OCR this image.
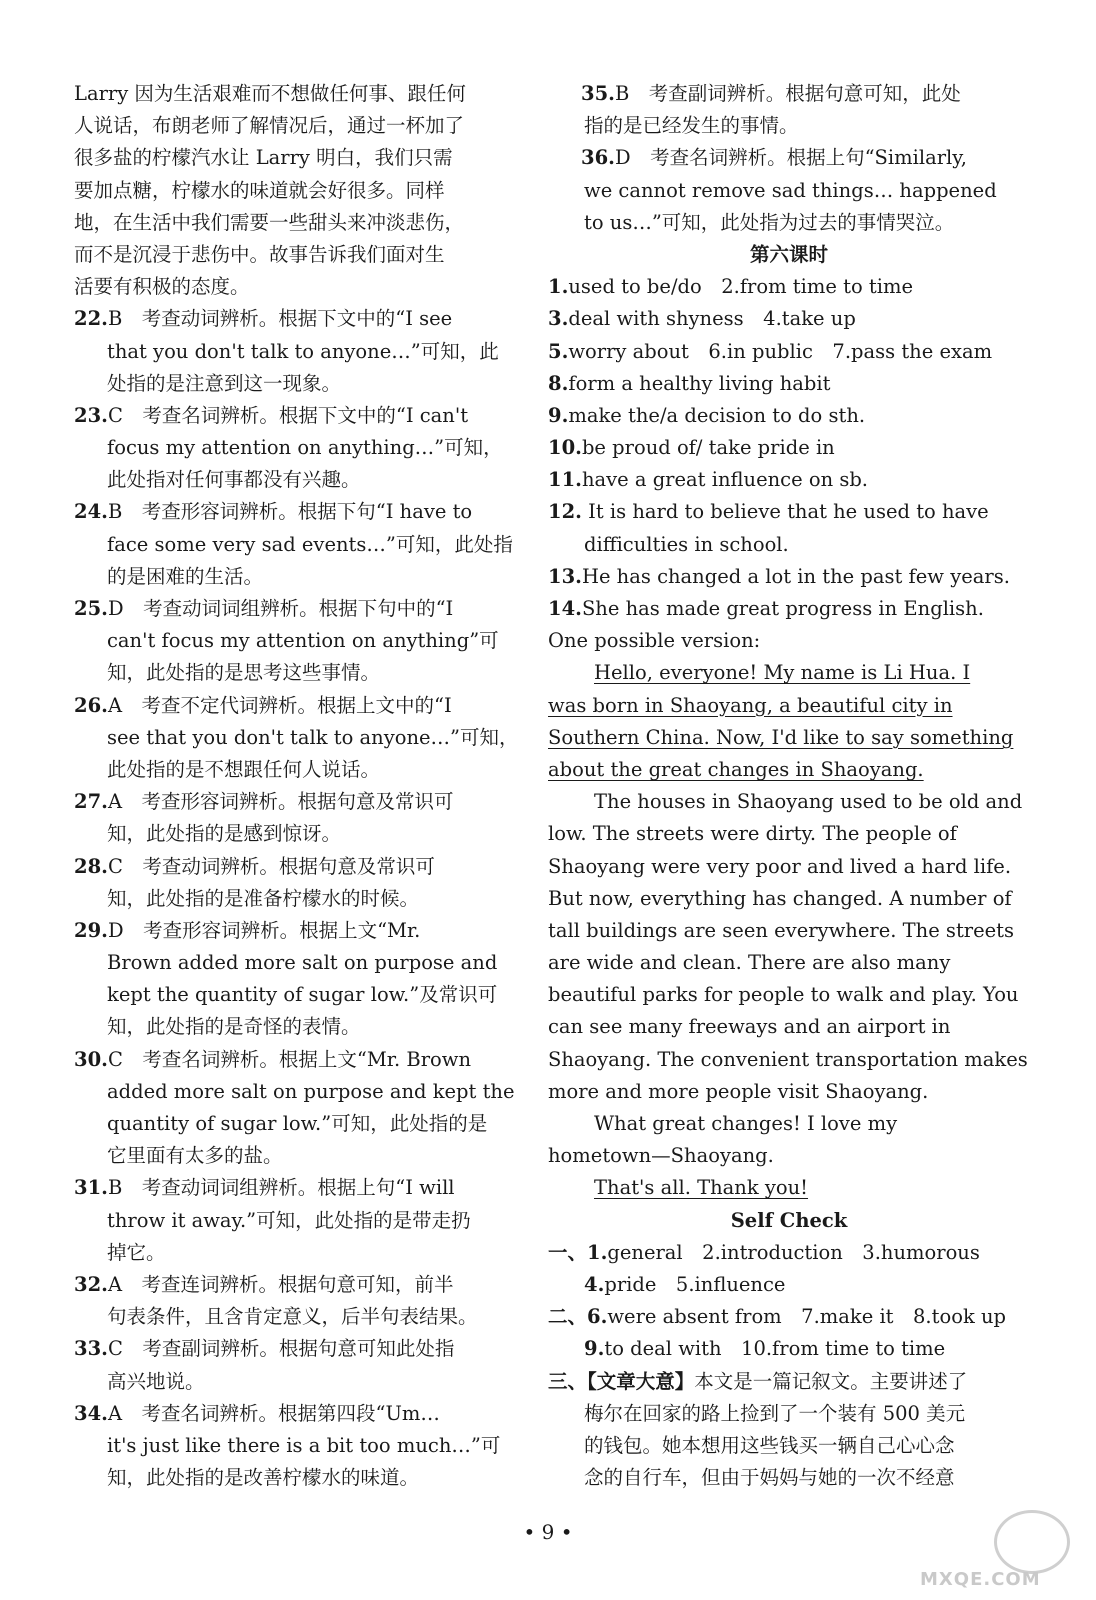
Larry 因为生活艰难而不想做任何事、跟任何
人说话，布朗老师了解情况后，通过一杯加了
很多盐的柠檬汽水让 Larry 明白，我们只需
要加点糖，柠檬水的味道就会好很多。同样
地，在生活中我们需要一些甜头来冲淡悲伤，
而不是沉浸于悲伤中。故事告诉我们面对生
活要有积极的态度。
22.B　考查动词辨析。根据下文中的“I see
that you don't talk to anyone…”可知，此
处指的是注意到这一现象。
23.C　考查名词辨析。根据下文中的“I can't
focus my attention on anything…”可知，
此处指对任何事都没有兴趣。
24.B　考查形容词辨析。根据下句“I have to
face some very sad events…”可知，此处指
的是困难的生活。
25.D　考查动词词组辨析。根据下句中的“I
can't focus my attention on anything”可
知，此处指的是思考这些事情。
26.A　考查不定代词辨析。根据上文中的“I
see that you don't talk to anyone…”可知，
此处指的是不想跟任何人说话。
27.A　考查形容词辨析。根据句意及常识可
知，此处指的是感到惊讶。
28.C　考查动词辨析。根据句意及常识可
知，此处指的是准备柠檬水的时候。
29.D　考查形容词辨析。根据上文“Mr.
Brown added more salt on purpose and
kept the quantity of sugar low.”及常识可
知，此处指的是奇怪的表情。
30.C　考查名词辨析。根据上文“Mr. Brown
added more salt on purpose and kept the
quantity of sugar low.”可知，此处指的是
它里面有太多的盐。
31.B　考查动词词组辨析。根据上句“I will
throw it away.”可知，此处指的是带走扔
掉它。
32.A　考查连词辨析。根据句意可知，前半
句表条件，且含肯定意义，后半句表结果。
33.C　考查副词辨析。根据句意可知此处指
高兴地说。
34.A　考查名词辨析。根据第四段“Um…
it's just like there is a bit too much…”可
知，此处指的是改善柠檬水的味道。
35.B　考查副词辨析。根据句意可知，此处
指的是已经发生的事情。
36.D　考查名词辨析。根据上句“Similarly,
we cannot remove sad things… happened
to us…”可知，此处指为过去的事情哭泣。
第六课时
1.used to be/do　2.from time to time
3.deal with shyness　4.take up
5.worry about　6.in public　7.pass the exam
8.form a healthy living habit
9.make the/a decision to do sth.
10.be proud of/ take pride in
11.have a great influence on sb.
12. It is hard to believe that he used to have
difficulties in school.
13.He has changed a lot in the past few years.
14.She has made great progress in English.
One possible version:
Hello, everyone! My name is Li Hua. I
was born in Shaoyang, a beautiful city in
Southern China. Now, I'd like to say something
about the great changes in Shaoyang.
The houses in Shaoyang used to be old and
low. The streets were dirty. The people of
Shaoyang were very poor and lived a hard life.
But now, everything has changed. A number of
tall buildings are seen everywhere. The streets
are wide and clean. There are also many
beautiful parks for people to walk and play. You
can see many freeways and an airport in
Shaoyang. The convenient transportation makes
more and more people visit Shaoyang.
What great changes! I love my
hometown—Shaoyang.
That's all. Thank you!
Self Check
一、1.general　2.introduction　3.humorous
4.pride　5.influence
二、6.were absent from　7.make it　8.took up
9.to deal with　10.from time to time
三、【文章大意】本文是一篇记叙文。主要讲述了
梅尔在回家的路上捡到了一个装有 500 美元
的钱包。她本想用这些钱买一辆自己心心念
念的自行车，但由于妈妈与她的一次不经意
• 9 •
MXQE.COM
